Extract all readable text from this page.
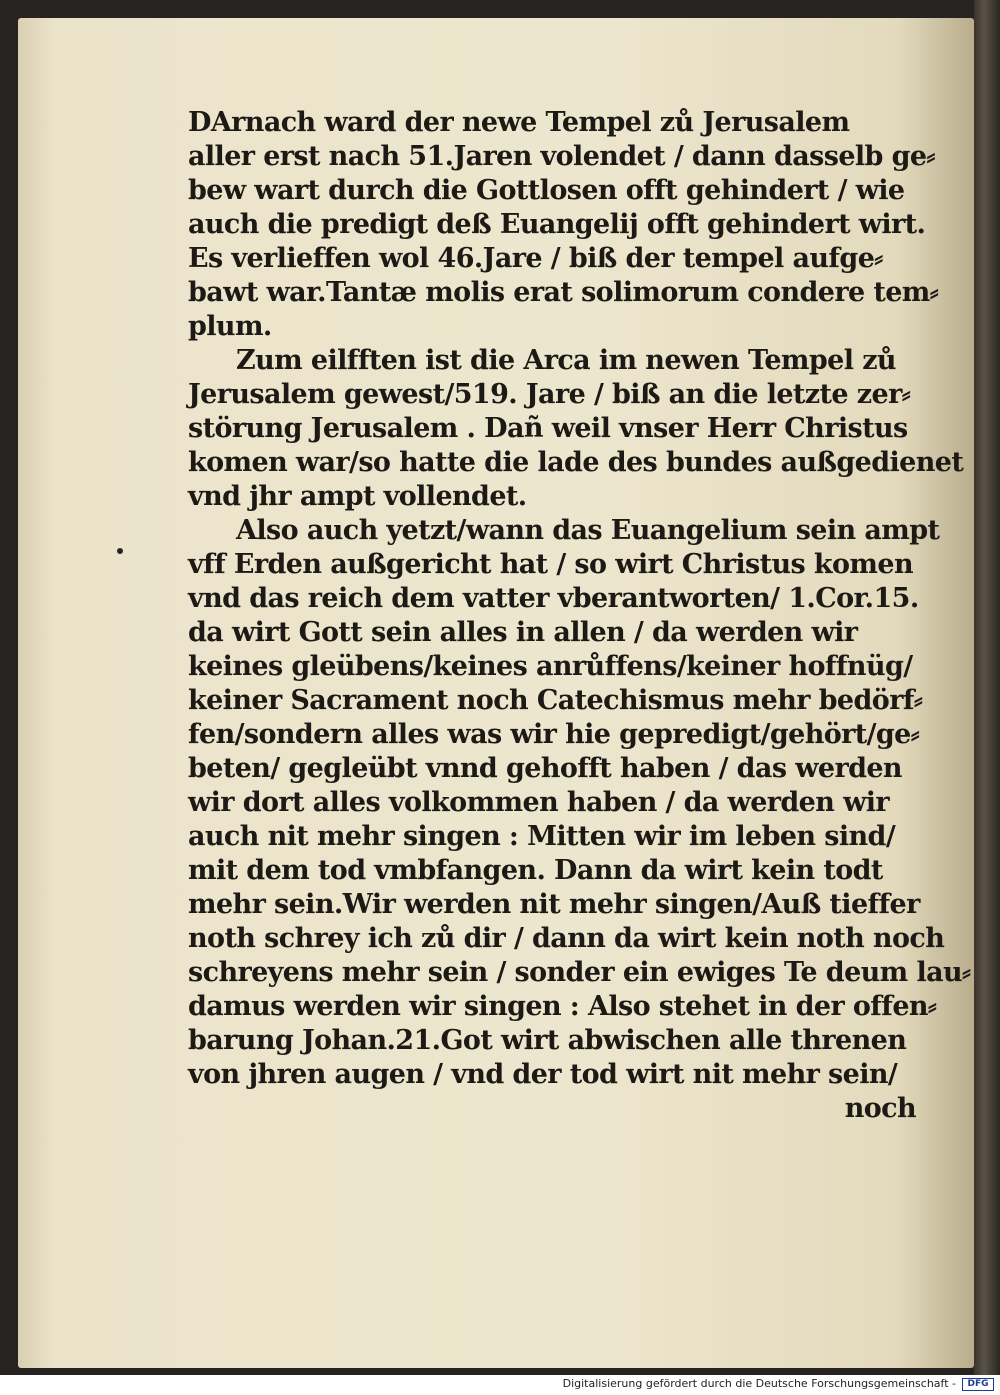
DArnach ward der newe Tempel zů Jerusalem
aller erst nach 51.Jaren volendet / dann dasselb ge⸗
bew wart durch die Gottlosen offt gehindert / wie
auch die predigt deß Euangelij offt gehindert wirt.
Es verlieffen wol 46.Jare / biß der tempel aufge⸗
bawt war.Tantæ molis erat solimorum condere tem⸗
plum.
Zum eilfften ist die Arca im newen Tempel zů
Jerusalem gewest/519. Jare / biß an die letzte zer⸗
störung Jerusalem . Dañ weil vnser Herr Christus
komen war/so hatte die lade des bundes außgedienet
vnd jhr ampt vollendet.
Also auch yetzt/wann das Euangelium sein ampt
vff Erden außgericht hat / so wirt Christus komen
vnd das reich dem vatter vberantworten/ 1.Cor.15.
da wirt Gott sein alles in allen / da werden wir
keines gleübens/keines anrůffens/keiner hoffnüg/
keiner Sacrament noch Catechismus mehr bedörf⸗
fen/sondern alles was wir hie gepredigt/gehört/ge⸗
beten/ gegleübt vnnd gehofft haben / das werden
wir dort alles volkommen haben / da werden wir
auch nit mehr singen : Mitten wir im leben sind/
mit dem tod vmbfangen. Dann da wirt kein todt
mehr sein.Wir werden nit mehr singen/Auß tieffer
noth schrey ich zů dir / dann da wirt kein noth noch
schreyens mehr sein / sonder ein ewiges Te deum lau⸗
damus werden wir singen : Also stehet in der offen⸗
barung Johan.21.Got wirt abwischen alle threnen
von jhren augen / vnd der tod wirt nit mehr sein/
noch
Digitalisierung gefördert durch die Deutsche Forschungsgemeinschaft -	DFG
